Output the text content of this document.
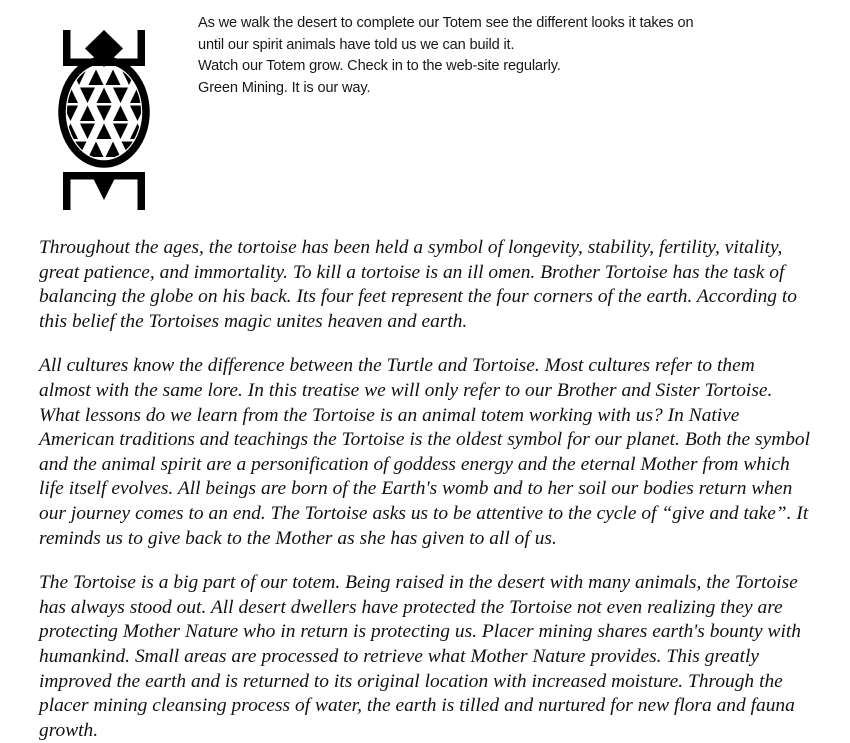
As we walk the desert to complete our Totem see the different looks it takes on
until our spirit animals have told us we can build it.
Watch our Totem grow. Check in to the web-site regularly.
Green Mining. It is our way.

Throughout the ages, the tortoise has been held a symbol of longevity, stability, fertility, vitality, great patience, and immortality. To kill a tortoise is an ill omen. Brother Tortoise has the task of balancing the globe on his back. Its four feet represent the four corners of the earth. According to this belief the Tortoises magic unites heaven and earth.

All cultures know the difference between the Turtle and Tortoise. Most cultures refer to them almost with the same lore. In this treatise we will only refer to our Brother and Sister Tortoise. What lessons do we learn from the Tortoise is an animal totem working with us? In Native American traditions and teachings the Tortoise is the oldest symbol for our planet. Both the symbol and the animal spirit are a personification of goddess energy and the eternal Mother from which life itself evolves. All beings are born of the Earth's womb and to her soil our bodies return when our journey comes to an end. The Tortoise asks us to be attentive to the cycle of “give and take”. It reminds us to give back to the Mother as she has given to all of us.

The Tortoise is a big part of our totem. Being raised in the desert with many animals, the Tortoise has always stood out. All desert dwellers have protected the Tortoise not even realizing they are protecting Mother Nature who in return is protecting us. Placer mining shares earth's bounty with humankind. Small areas are processed to retrieve what Mother Nature provides. This greatly improved the earth and is returned to its original location with increased moisture. Through the placer mining cleansing process of water, the earth is tilled and nurtured for new flora and fauna growth.
